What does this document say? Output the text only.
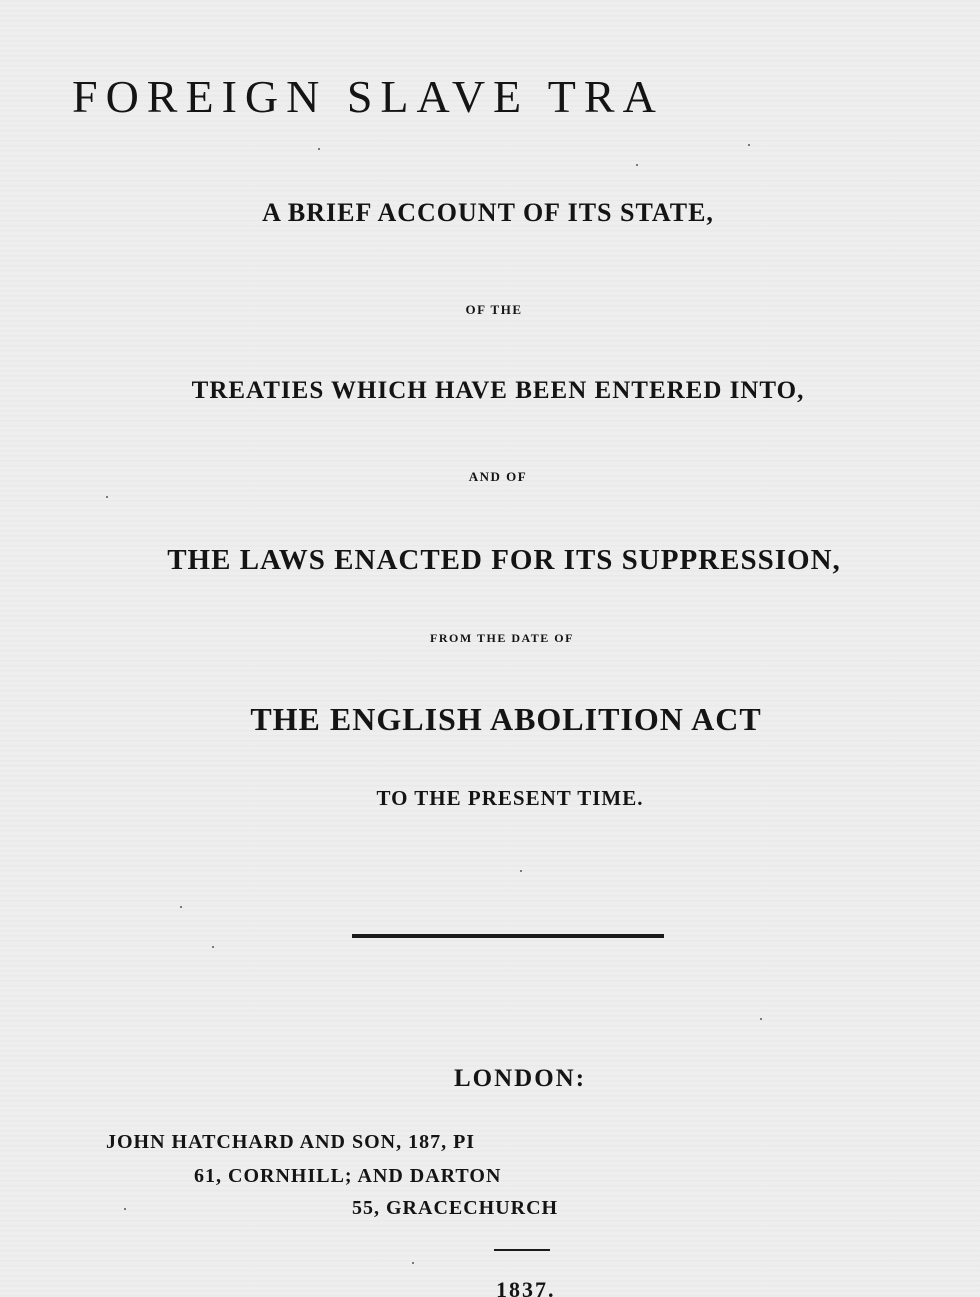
FOREIGN SLAVE TRA

A BRIEF ACCOUNT OF ITS STATE,

OF THE

TREATIES WHICH HAVE BEEN ENTERED INTO,

AND OF

THE LAWS ENACTED FOR ITS SUPPRESSION,

FROM THE DATE OF

THE ENGLISH ABOLITION ACT

TO THE PRESENT TIME.

LONDON:

JOHN HATCHARD AND SON, 187, PI

61, CORNHILL; AND DARTON

55, GRACECHURCH

1837.
